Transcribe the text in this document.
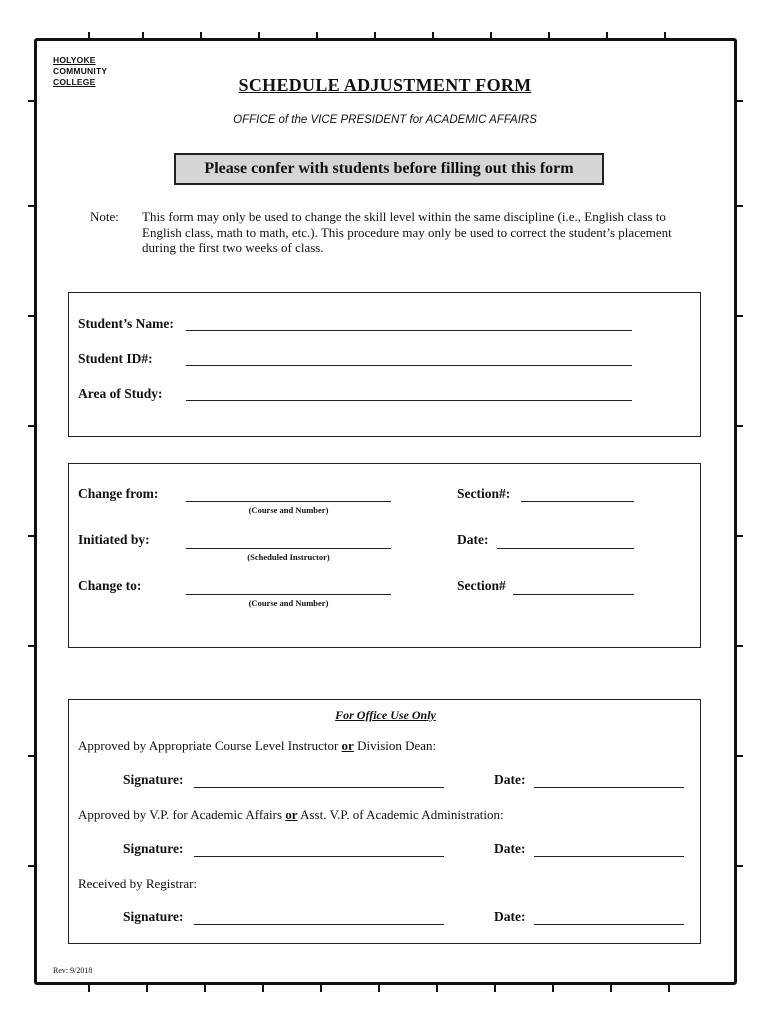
HOLYOKE
COMMUNITY
COLLEGE	SCHEDULE ADJUSTMENT FORM
OFFICE of the VICE PRESIDENT for ACADEMIC AFFAIRS
Please confer with students before filling out this form
Note: This form may only be used to change the skill level within the same discipline (i.e., English class to English class, math to math, etc.). This procedure may only be used to correct the student’s placement during the first two weeks of class.
Student’s Name:
Student ID#:
Area of Study:
Change from:
(Course and Number)
Section#:
Initiated by:
(Scheduled Instructor)
Date:
Change to:
(Course and Number)
Section#
For Office Use Only
Approved by Appropriate Course Level Instructor or Division Dean:
Signature:	Date:
Approved by V.P. for Academic Affairs or Asst. V.P. of Academic Administration:
Signature:	Date:
Received by Registrar:
Signature:	Date:
Rev: 9/2018
